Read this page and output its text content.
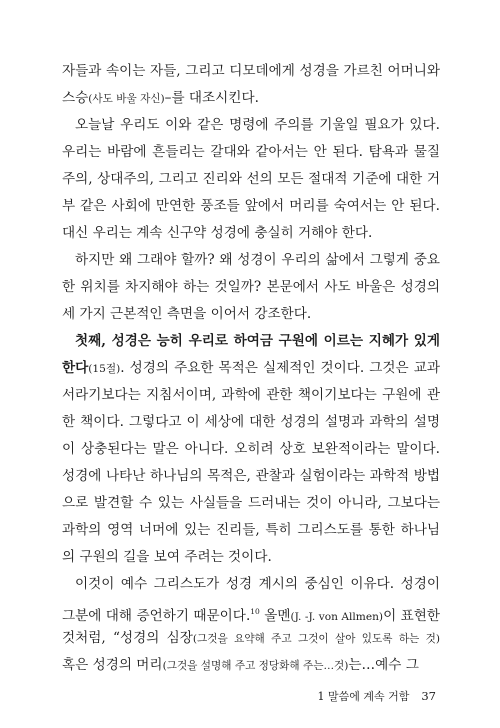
자들과 속이는 자들, 그리고 디모데에게 성경을 가르친 어머니와
스승(사도 바울 자신)–를 대조시킨다.
오늘날 우리도 이와 같은 명령에 주의를 기울일 필요가 있다.
우리는 바람에 흔들리는 갈대와 같아서는 안 된다. 탐욕과 물질
주의, 상대주의, 그리고 진리와 선의 모든 절대적 기준에 대한 거
부 같은 사회에 만연한 풍조들 앞에서 머리를 숙여서는 안 된다.
대신 우리는 계속 신구약 성경에 충실히 거해야 한다.
하지만 왜 그래야 할까? 왜 성경이 우리의 삶에서 그렇게 중요
한 위치를 차지해야 하는 것일까? 본문에서 사도 바울은 성경의
세 가지 근본적인 측면을 이어서 강조한다.
첫째, 성경은 능히 우리로 하여금 구원에 이르는 지혜가 있게
한다(15절). 성경의 주요한 목적은 실제적인 것이다. 그것은 교과
서라기보다는 지침서이며, 과학에 관한 책이기보다는 구원에 관
한 책이다. 그렇다고 이 세상에 대한 성경의 설명과 과학의 설명
이 상충된다는 말은 아니다. 오히려 상호 보완적이라는 말이다.
성경에 나타난 하나님의 목적은, 관찰과 실험이라는 과학적 방법
으로 발견할 수 있는 사실들을 드러내는 것이 아니라, 그보다는
과학의 영역 너머에 있는 진리들, 특히 그리스도를 통한 하나님
의 구원의 길을 보여 주려는 것이다.
이것이 예수 그리스도가 성경 계시의 중심인 이유다. 성경이
그분에 대해 증언하기 때문이다.$^{10}$ 올멘(J. -J. von Allmen)이 표현한
것처럼, “성경의 심장(그것을 요약해 주고 그것이 살아 있도록 하는 것)
혹은 성경의 머리(그것을 설명해 주고 정당화해 주는…것)는…예수 그
1 말씀에 계속 거함 37
